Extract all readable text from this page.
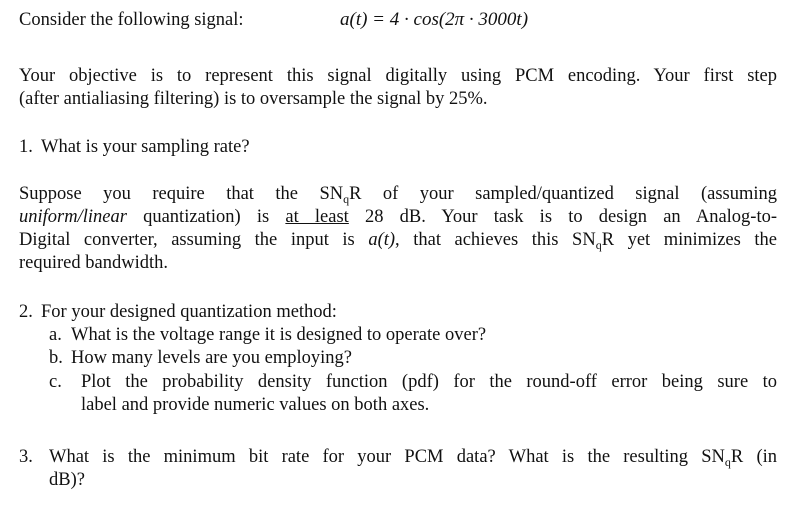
Consider the following signal:	a(t) = 4 · cos(2π · 3000t)
Your objective is to represent this signal digitally using PCM encoding. Your first step
(after antialiasing filtering) is to oversample the signal by 25%.
1. What is your sampling rate?
Suppose you require that the $SN_qR$ of your sampled/quantized signal (assuming
uniform/linear quantization) is at least 28 dB. Your task is to design an Analog-to-
Digital converter, assuming the input is a(t), that achieves this $SN_qR$ yet minimizes the
required bandwidth.
2. For your designed quantization method:
a. What is the voltage range it is designed to operate over?
b. How many levels are you employing?
c.	Plot the probability density function (pdf) for the round-off error being sure to
label and provide numeric values on both axes.
3. What is the minimum bit rate for your PCM data? What is the resulting $SN_qR$ (in
dB)?
